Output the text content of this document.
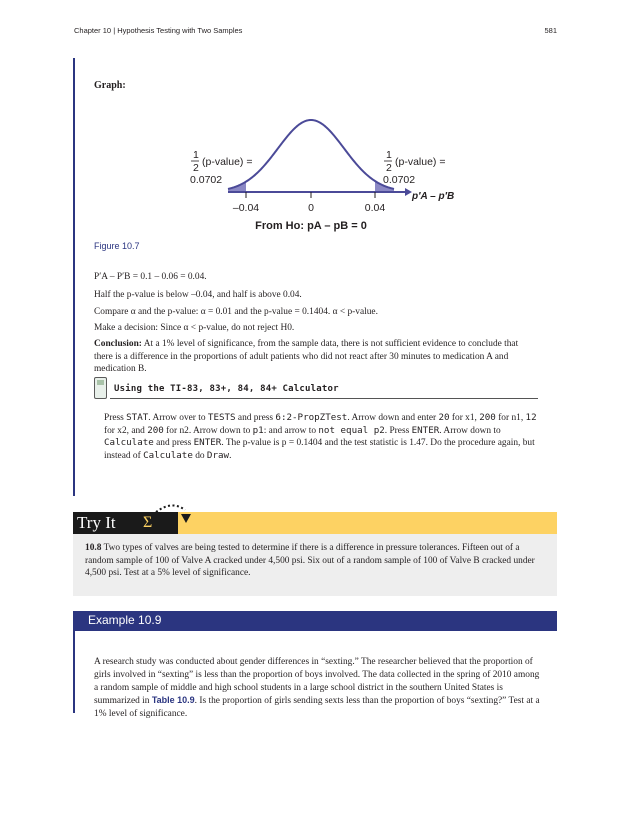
Chapter 10 | Hypothesis Testing with Two Samples	581
Graph:
1
2 (p-value) =
0.0702
1
2 (p-value) =
0.0702
p′A – p′B
–0.04	0	0.04
From Ho: pA – pB = 0
Figure 10.7

P′A – P′B = 0.1 – 0.06 = 0.04.

Half the p-value is below –0.04, and half is above 0.04.

Compare α and the p-value: α = 0.01 and the p-value = 0.1404. α < p-value.

Make a decision: Since α < p-value, do not reject H0.

Conclusion: At a 1% level of significance, from the sample data, there is not sufficient evidence to conclude that there is a difference in the proportions of adult patients who did not react after 30 minutes to medication A and medication B.

Using the TI-83, 83+, 84, 84+ Calculator

Press STAT. Arrow over to TESTS and press 6:2-PropZTest. Arrow down and enter 20 for x1, 200 for n1, 12 for x2, and 200 for n2. Arrow down to p1: and arrow to not equal p2. Press ENTER. Arrow down to Calculate and press ENTER. The p-value is p = 0.1404 and the test statistic is 1.47. Do the procedure again, but instead of Calculate do Draw.

Try It Σ
10.8 Two types of valves are being tested to determine if there is a difference in pressure tolerances. Fifteen out of a random sample of 100 of Valve A cracked under 4,500 psi. Six out of a random sample of 100 of Valve B cracked under 4,500 psi. Test at a 5% level of significance.
Example 10.9

A research study was conducted about gender differences in “sexting.” The researcher believed that the proportion of girls involved in “sexting” is less than the proportion of boys involved. The data collected in the spring of 2010 among a random sample of middle and high school students in a large school district in the southern United States is summarized in Table 10.9. Is the proportion of girls sending sexts less than the proportion of boys “sexting?” Test at a 1% level of significance.
